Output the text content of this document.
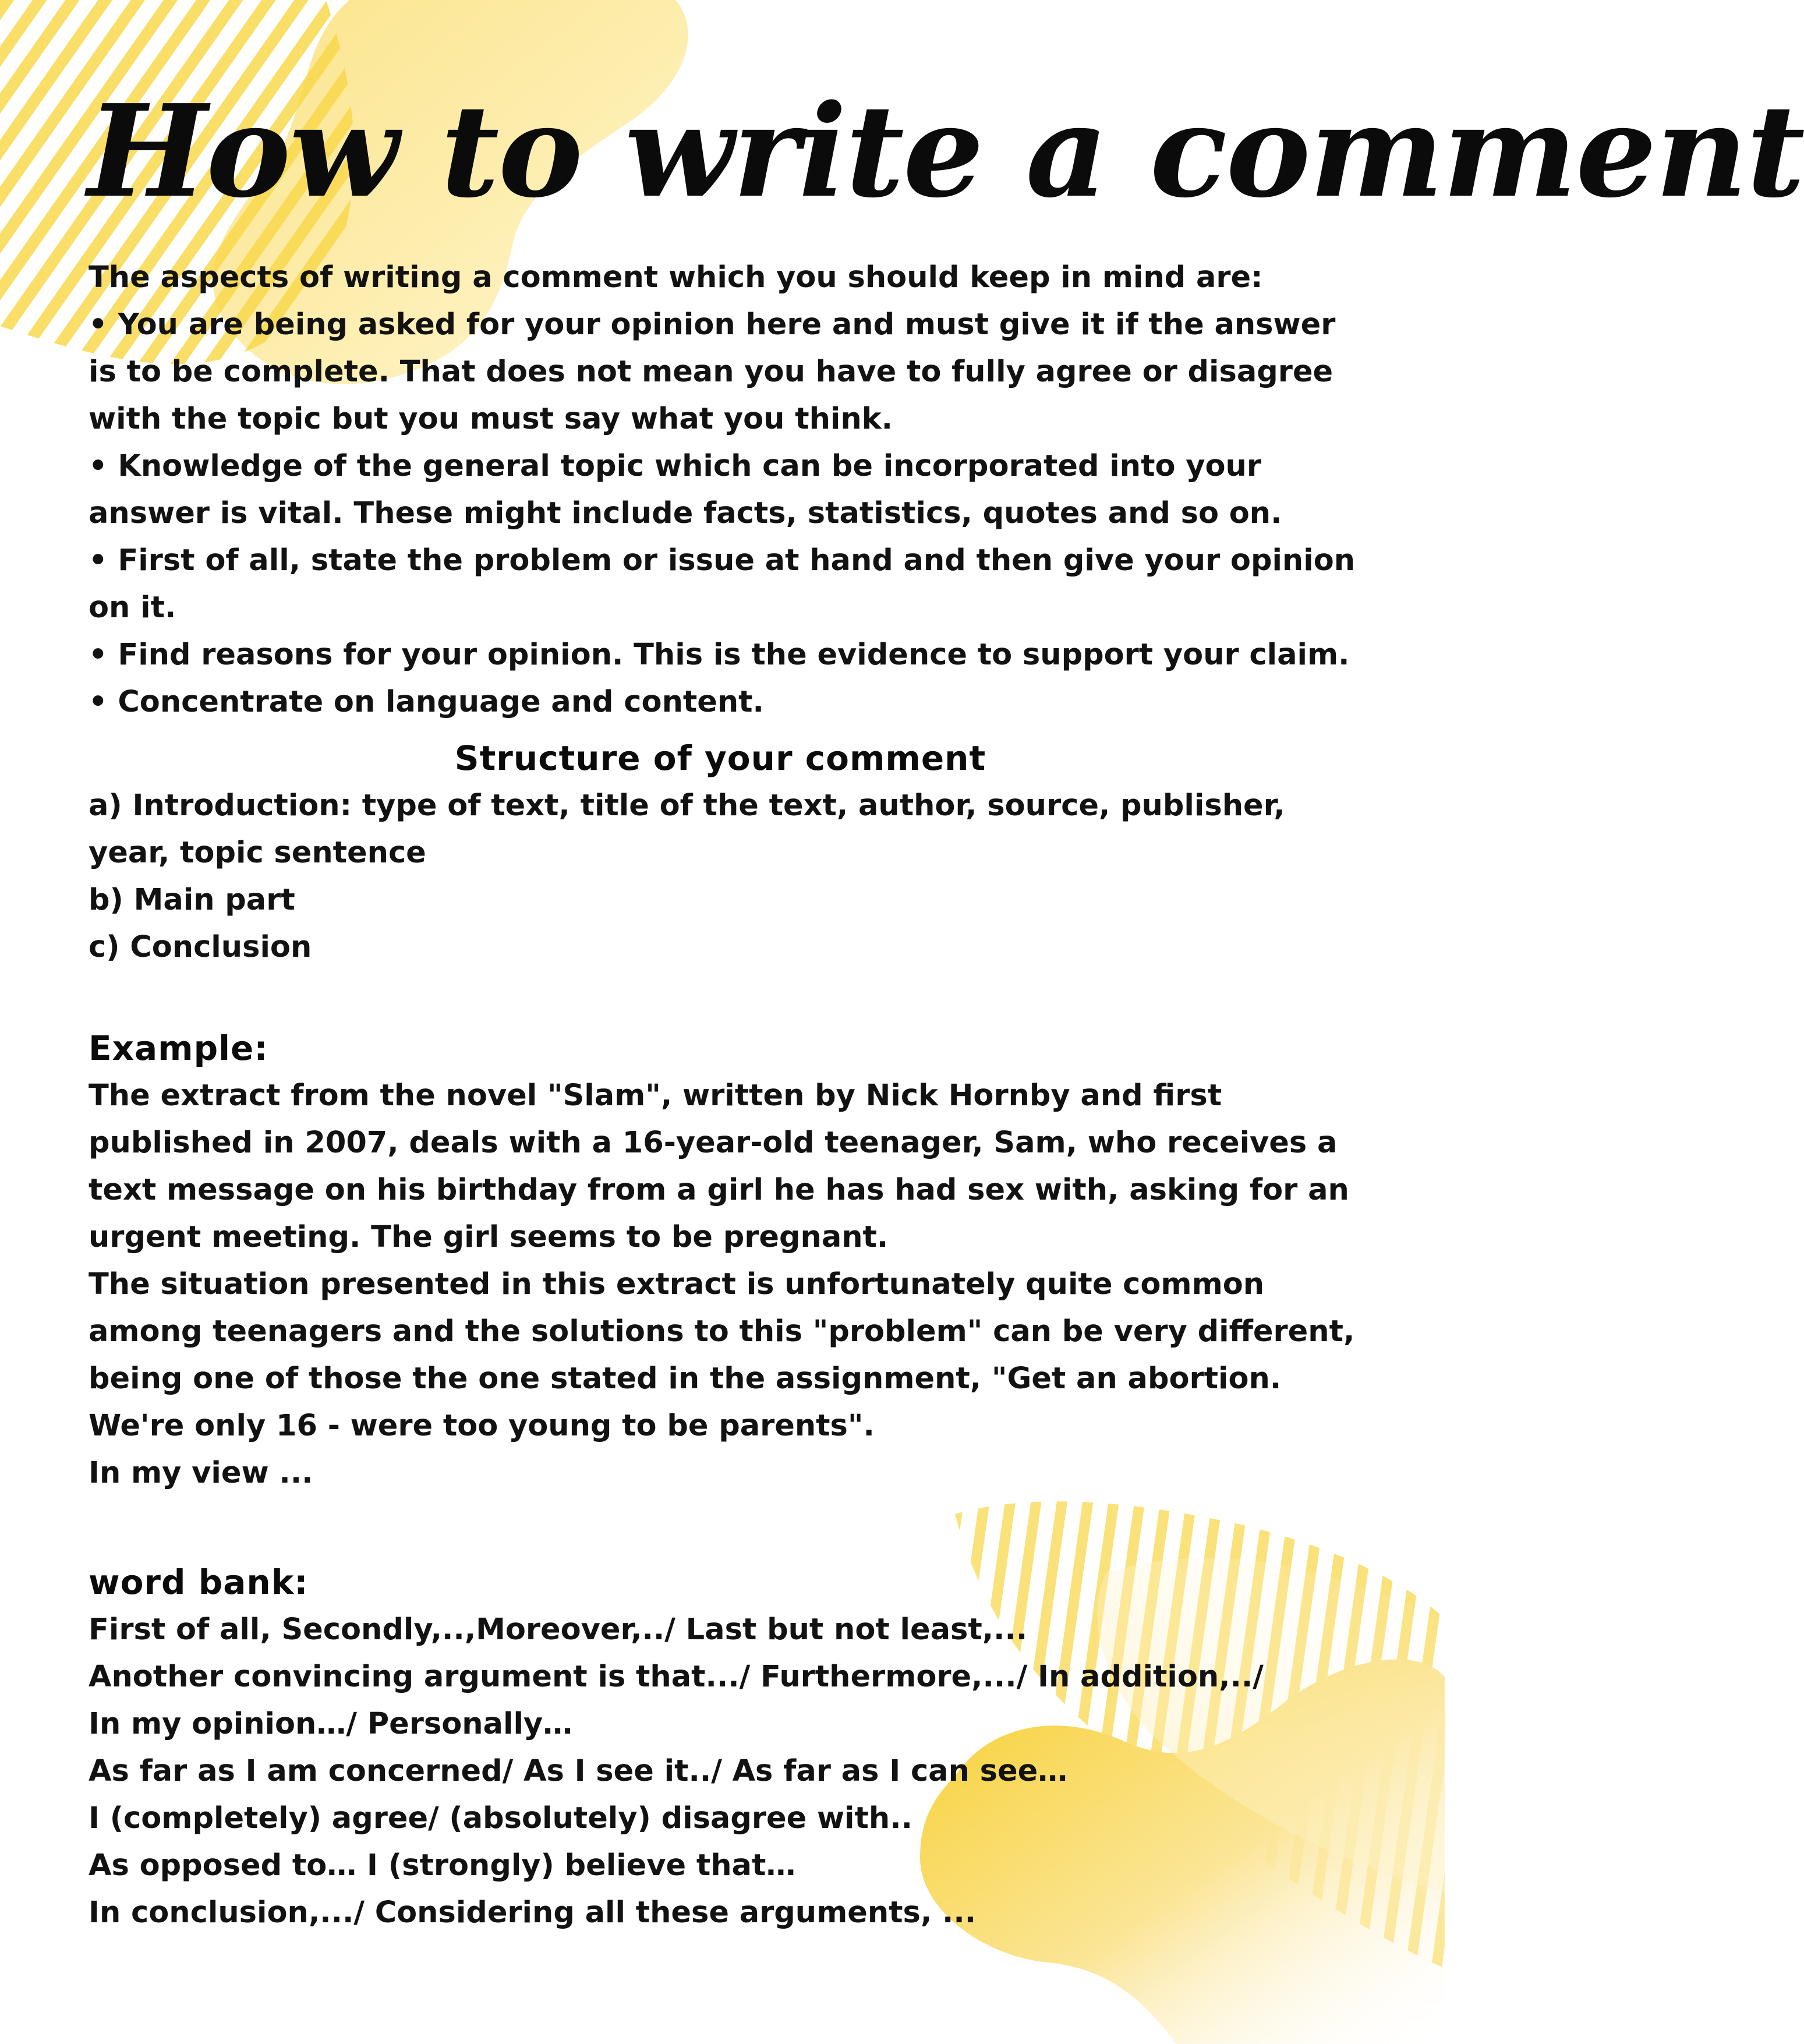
How to write a comment

The aspects of writing a comment which you should keep in mind are:

• You are being asked for your opinion here and must give it if the answer is to be complete. That does not mean you have to fully agree or disagree with the topic but you must say what you think.

• Knowledge of the general topic which can be incorporated into your answer is vital. These might include facts, statistics, quotes and so on.

• First of all, state the problem or issue at hand and then give your opinion on it.

• Find reasons for your opinion. This is the evidence to support your claim.

• Concentrate on language and content.

Structure of your comment

a) Introduction: type of text, title of the text, author, source, publisher, year, topic sentence

b) Main part

c) Conclusion

Example:

The extract from the novel "Slam", written by Nick Hornby and first published in 2007, deals with a 16-year-old teenager, Sam, who receives a text message on his birthday from a girl he has had sex with, asking for an urgent meeting. The girl seems to be pregnant.

The situation presented in this extract is unfortunately quite common among teenagers and the solutions to this "problem" can be very different, being one of those the one stated in the assignment, "Get an abortion. We're only 16 - were too young to be parents".

In my view ...

word bank:

First of all, Secondly,..,Moreover,../ Last but not least,...

Another convincing argument is that.../ Furthermore,.../ In addition,../

In my opinion…/ Personally…

As far as I am concerned/ As I see it../ As far as I can see…

I (completely) agree/ (absolutely) disagree with..

As opposed to… I (strongly) believe that…

In conclusion,.../ Considering all these arguments, ...
